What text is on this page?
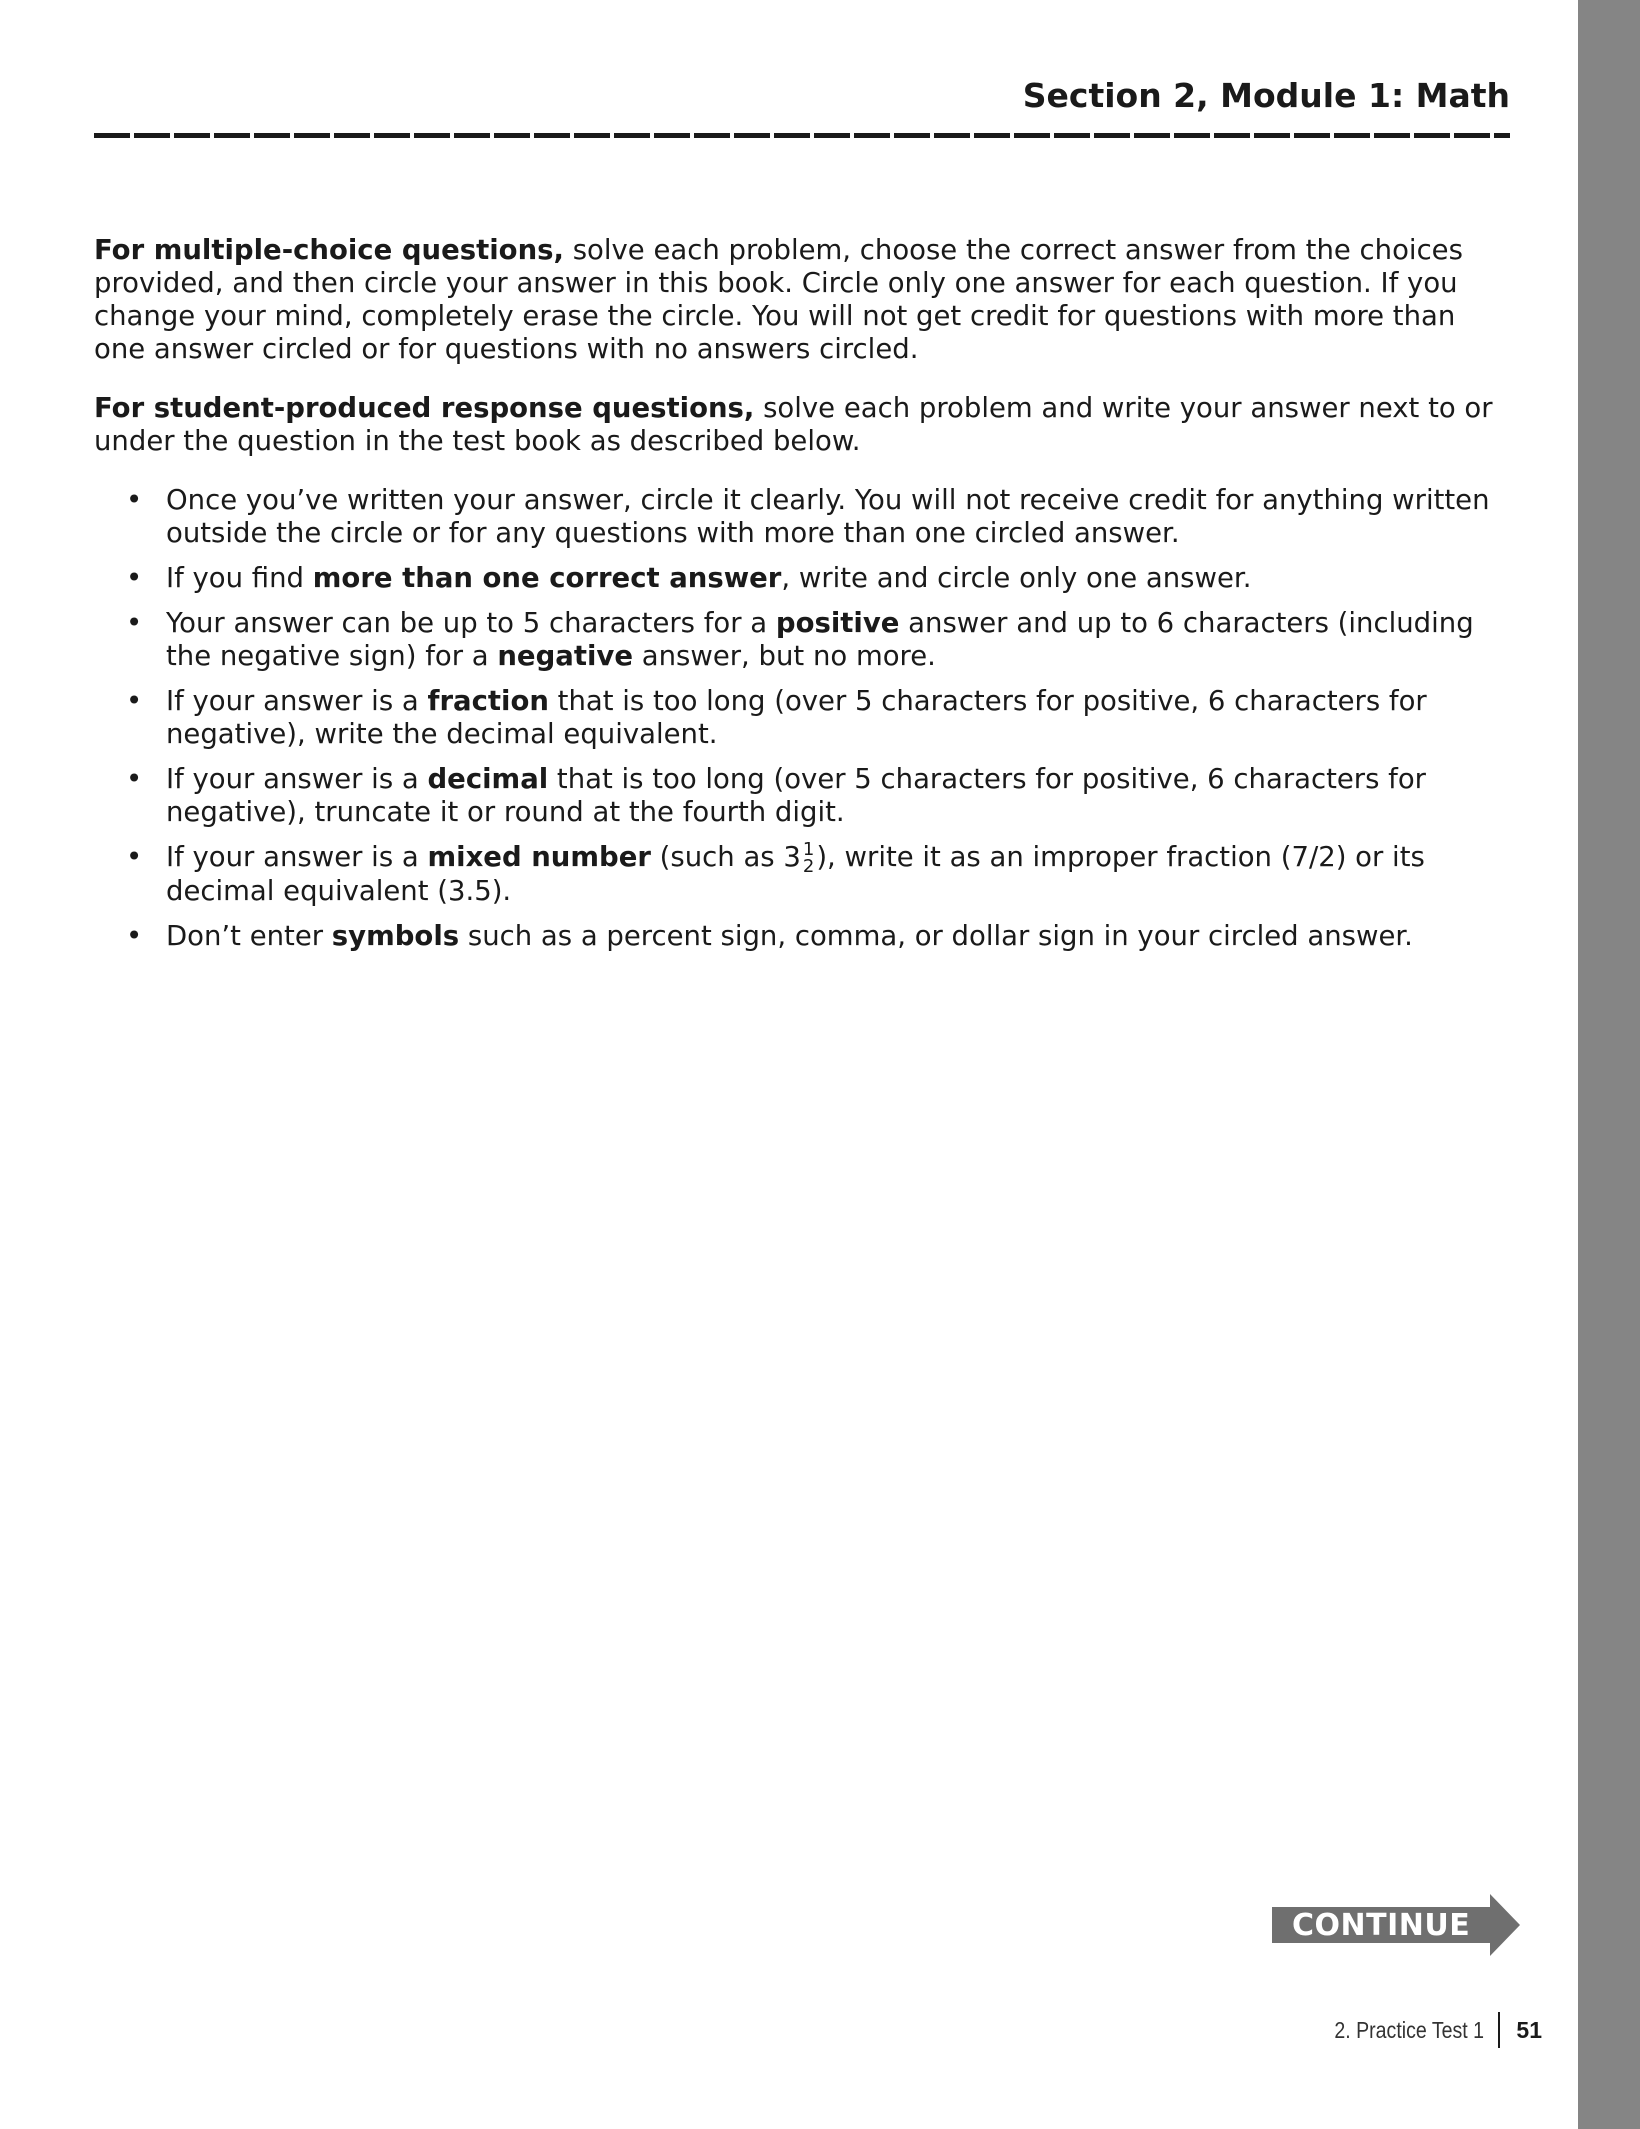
Section 2, Module 1: Math

For multiple-choice questions, solve each problem, choose the correct answer from the choices provided, and then circle your answer in this book. Circle only one answer for each question. If you change your mind, completely erase the circle. You will not get credit for questions with more than one answer circled or for questions with no answers circled.

For student-produced response questions, solve each problem and write your answer next to or under the question in the test book as described below.

• Once you’ve written your answer, circle it clearly. You will not receive credit for anything written outside the circle or for any questions with more than one circled answer.
• If you find more than one correct answer, write and circle only one answer.
• Your answer can be up to 5 characters for a positive answer and up to 6 characters (including the negative sign) for a negative answer, but no more.
• If your answer is a fraction that is too long (over 5 characters for positive, 6 characters for negative), write the decimal equivalent.
• If your answer is a decimal that is too long (over 5 characters for positive, 6 characters for negative), truncate it or round at the fourth digit.
• If your answer is a mixed number (such as 3 1
2 ), write it as an improper fraction (7/2) or its decimal equivalent (3.5).
• Don’t enter symbols such as a percent sign, comma, or dollar sign in your circled answer.
CONTINUE
2. Practice Test 1 51
